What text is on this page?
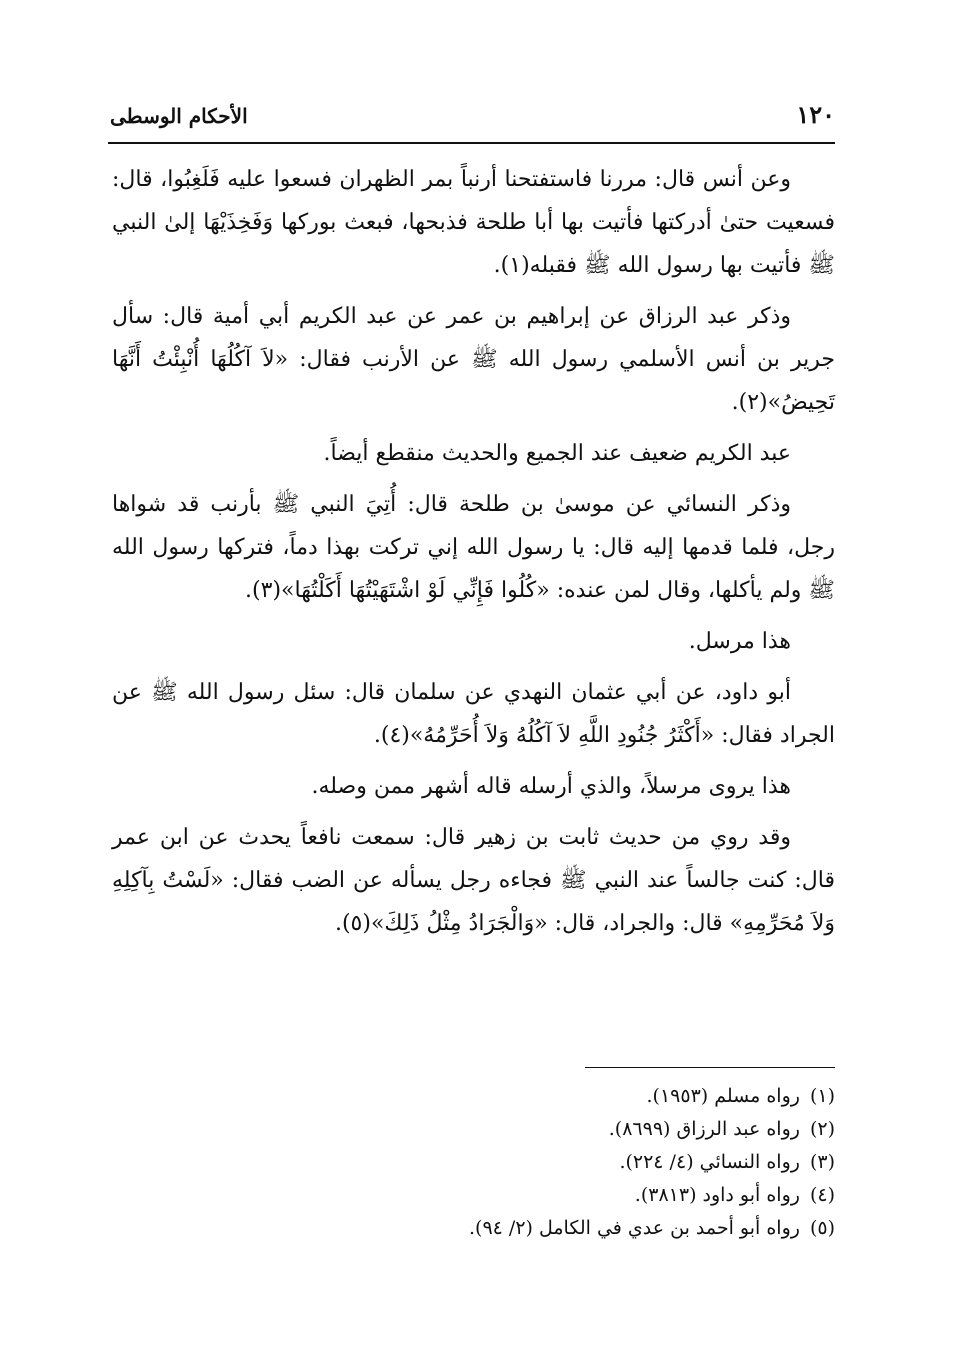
١٢٠
الأحكام الوسطى

وعن أنس قال: مررنا فاستفتحنا أرنباً بمر الظهران فسعوا عليه فَلَغِبُوا، قال: فسعيت حتىٰ أدركتها فأتيت بها أبا طلحة فذبحها، فبعث بوركها وَفَخِذَيْهَا إلىٰ النبي ﷺ فأتيت بها رسول الله ﷺ فقبله(١).

وذكر عبد الرزاق عن إبراهيم بن عمر عن عبد الكريم أبي أمية قال: سأل جرير بن أنس الأسلمي رسول الله ﷺ عن الأرنب فقال: «لاَ آكُلُهَا أُنْبِئْتُ أَنَّهَا تَحِيضُ»(٢).

عبد الكريم ضعيف عند الجميع والحديث منقطع أيضاً.

وذكر النسائي عن موسىٰ بن طلحة قال: أُتِيَ النبي ﷺ بأرنب قد شواها رجل، فلما قدمها إليه قال: يا رسول الله إني تركت بهذا دماً، فتركها رسول الله ﷺ ولم يأكلها، وقال لمن عنده: «كُلُوا فَإِنِّي لَوْ اشْتَهَيْتُهَا أَكَلْتُهَا»(٣).

هذا مرسل.

أبو داود، عن أبي عثمان النهدي عن سلمان قال: سئل رسول الله ﷺ عن الجراد فقال: «أَكْثَرُ جُنُودِ اللَّهِ لاَ آكُلُهُ وَلاَ أُحَرِّمُهُ»(٤).

هذا يروى مرسلاً، والذي أرسله قاله أشهر ممن وصله.

وقد روي من حديث ثابت بن زهير قال: سمعت نافعاً يحدث عن ابن عمر قال: كنت جالساً عند النبي ﷺ فجاءه رجل يسأله عن الضب فقال: «لَسْتُ بِآكِلِهِ وَلاَ مُحَرِّمِهِ» قال: والجراد، قال: «وَالْجَرَادُ مِثْلُ ذَلِكَ»(٥).

(١)رواه مسلم (١٩٥٣).
(٢)رواه عبد الرزاق (٨٦٩٩).
(٣)رواه النسائي (٤/ ٢٢٤).
(٤)رواه أبو داود (٣٨١٣).
(٥)رواه أبو أحمد بن عدي في الكامل (٢/ ٩٤).
